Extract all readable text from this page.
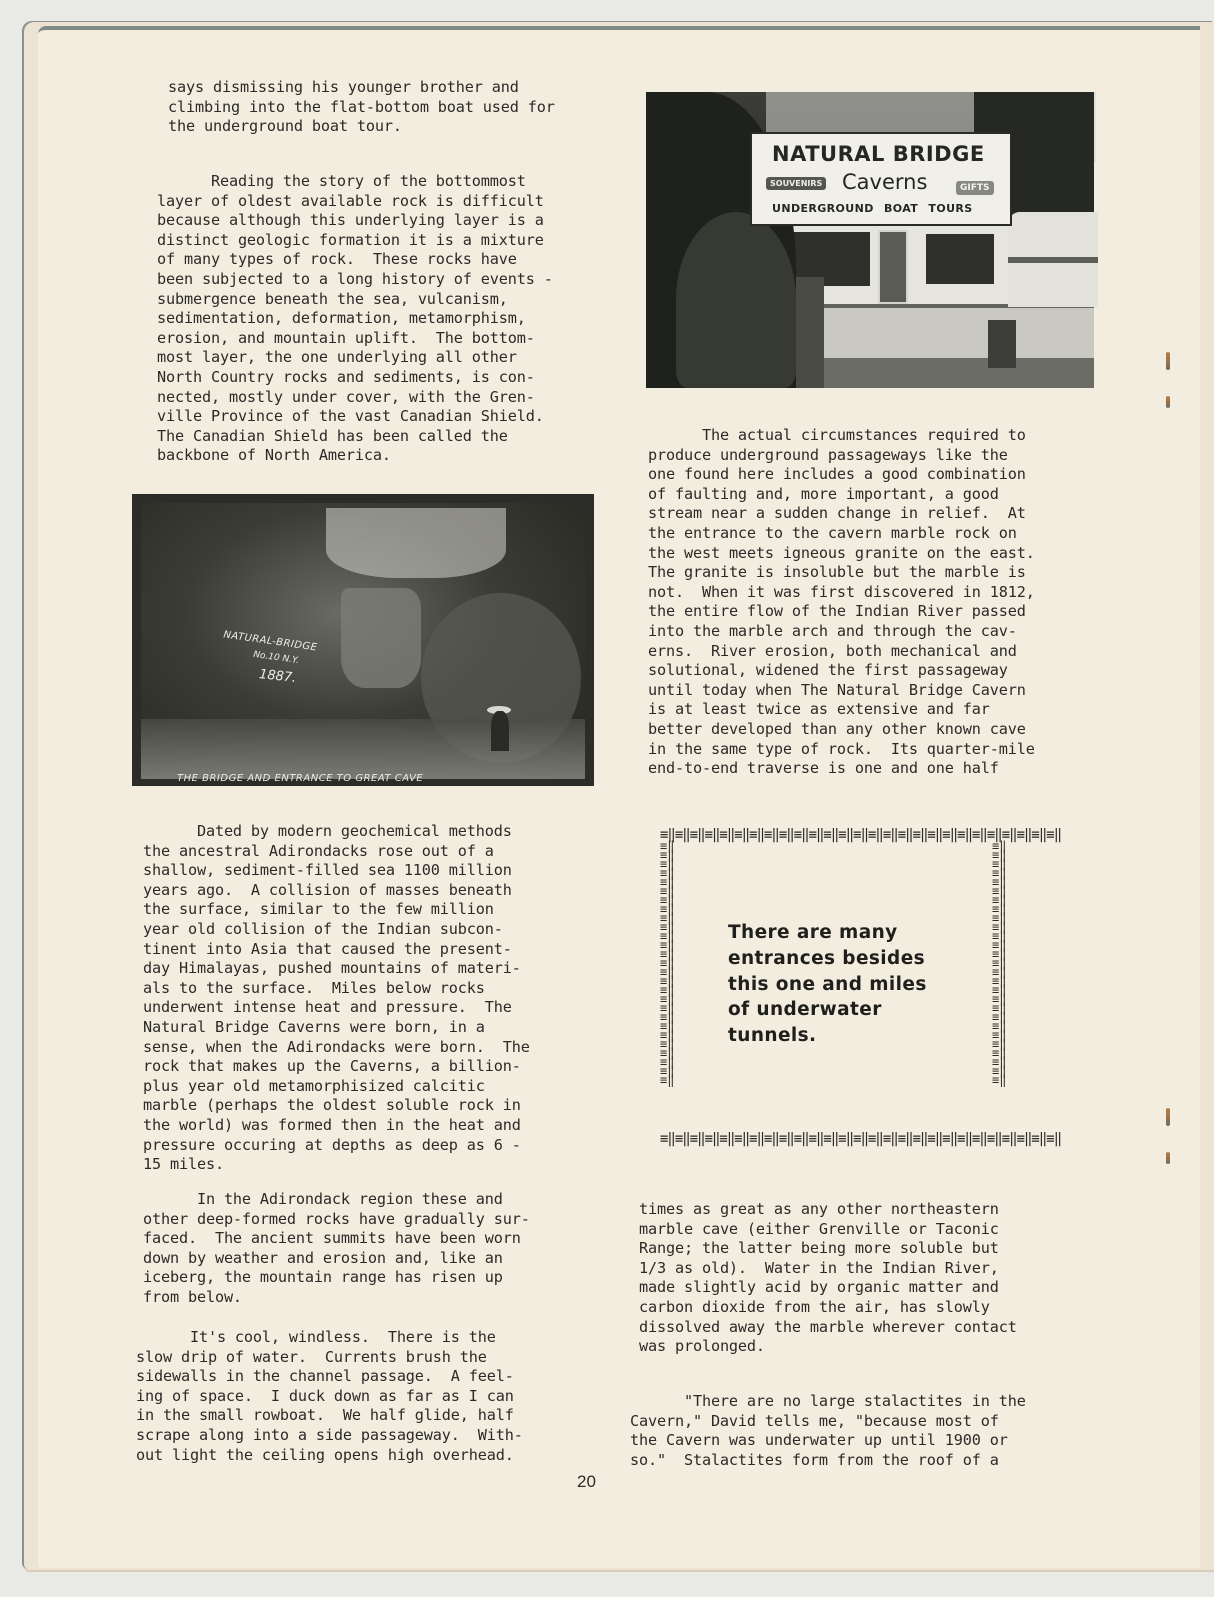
says dismissing his younger brother and
climbing into the flat-bottom boat used for
the underground boat tour.

Reading the story of the bottommost
layer of oldest available rock is difficult
because although this underlying layer is a
distinct geologic formation it is a mixture
of many types of rock.  These rocks have
been subjected to a long history of events -
submergence beneath the sea, vulcanism,
sedimentation, deformation, metamorphism,
erosion, and mountain uplift.  The bottom-
most layer, the one underlying all other
North Country rocks and sediments, is con-
nected, mostly under cover, with the Gren-
ville Province of the vast Canadian Shield.
The Canadian Shield has been called the
backbone of North America.

NATURAL-BRIDGE
No.10 N.Y.
1887.
THE BRIDGE AND ENTRANCE TO GREAT CAVE

Dated by modern geochemical methods
the ancestral Adirondacks rose out of a
shallow, sediment-filled sea 1100 million
years ago.  A collision of masses beneath
the surface, similar to the few million
year old collision of the Indian subcon-
tinent into Asia that caused the present-
day Himalayas, pushed mountains of materi-
als to the surface.  Miles below rocks
underwent intense heat and pressure.  The
Natural Bridge Caverns were born, in a
sense, when the Adirondacks were born.  The
rock that makes up the Caverns, a billion-
plus year old metamorphisized calcitic
marble (perhaps the oldest soluble rock in
the world) was formed then in the heat and
pressure occuring at depths as deep as 6 -
15 miles.

In the Adirondack region these and
other deep-formed rocks have gradually sur-
faced.  The ancient summits have been worn
down by weather and erosion and, like an
iceberg, the mountain range has risen up
from below.

It's cool, windless.  There is the
slow drip of water.  Currents brush the
sidewalls in the channel passage.  A feel-
ing of space.  I duck down as far as I can
in the small rowboat.  We half glide, half
scrape along into a side passageway.  With-
out light the ceiling opens high overhead.

NATURAL BRIDGE
SOUVENIRS Caverns	GIFTS
UNDERGROUND BOAT TOURS

The actual circumstances required to
produce underground passageways like the
one found here includes a good combination
of faulting and, more important, a good
stream near a sudden change in relief.  At
the entrance to the cavern marble rock on
the west meets igneous granite on the east.
The granite is insoluble but the marble is
not.  When it was first discovered in 1812,
the entire flow of the Indian River passed
into the marble arch and through the cav-
erns.  River erosion, both mechanical and
solutional, widened the first passageway
until today when The Natural Bridge Cavern
is at least twice as extensive and far
better developed than any other known cave
in the same type of rock.  Its quarter-mile
end-to-end traverse is one and one half

≡‖≡‖≡‖≡‖≡‖≡‖≡‖≡‖≡‖≡‖≡‖≡‖≡‖≡‖≡‖≡‖≡‖≡‖≡‖≡‖≡‖≡‖≡‖≡‖≡‖≡‖≡‖
≡‖≡‖≡‖≡‖≡‖≡‖≡‖≡‖≡‖≡‖≡‖≡‖≡‖≡‖≡‖≡‖≡‖≡‖≡‖≡‖≡‖≡‖≡‖≡‖≡‖≡‖≡‖
≡‖≡‖≡‖≡‖≡‖≡‖≡‖≡‖≡‖≡‖≡‖≡‖≡‖≡‖≡‖≡‖≡‖≡‖≡‖≡‖≡‖≡‖≡‖≡‖≡‖≡‖≡‖
≡‖≡‖≡‖≡‖≡‖≡‖≡‖≡‖≡‖≡‖≡‖≡‖≡‖≡‖≡‖≡‖≡‖≡‖≡‖≡‖≡‖≡‖≡‖≡‖≡‖≡‖≡‖

There are many
entrances besides
this one and miles
of underwater
tunnels.

times as great as any other northeastern
marble cave (either Grenville or Taconic
Range; the latter being more soluble but
1/3 as old).  Water in the Indian River,
made slightly acid by organic matter and
carbon dioxide from the air, has slowly
dissolved away the marble wherever contact
was prolonged.

"There are no large stalactites in the
Cavern," David tells me, "because most of
the Cavern was underwater up until 1900 or
so."  Stalactites form from the roof of a

20
